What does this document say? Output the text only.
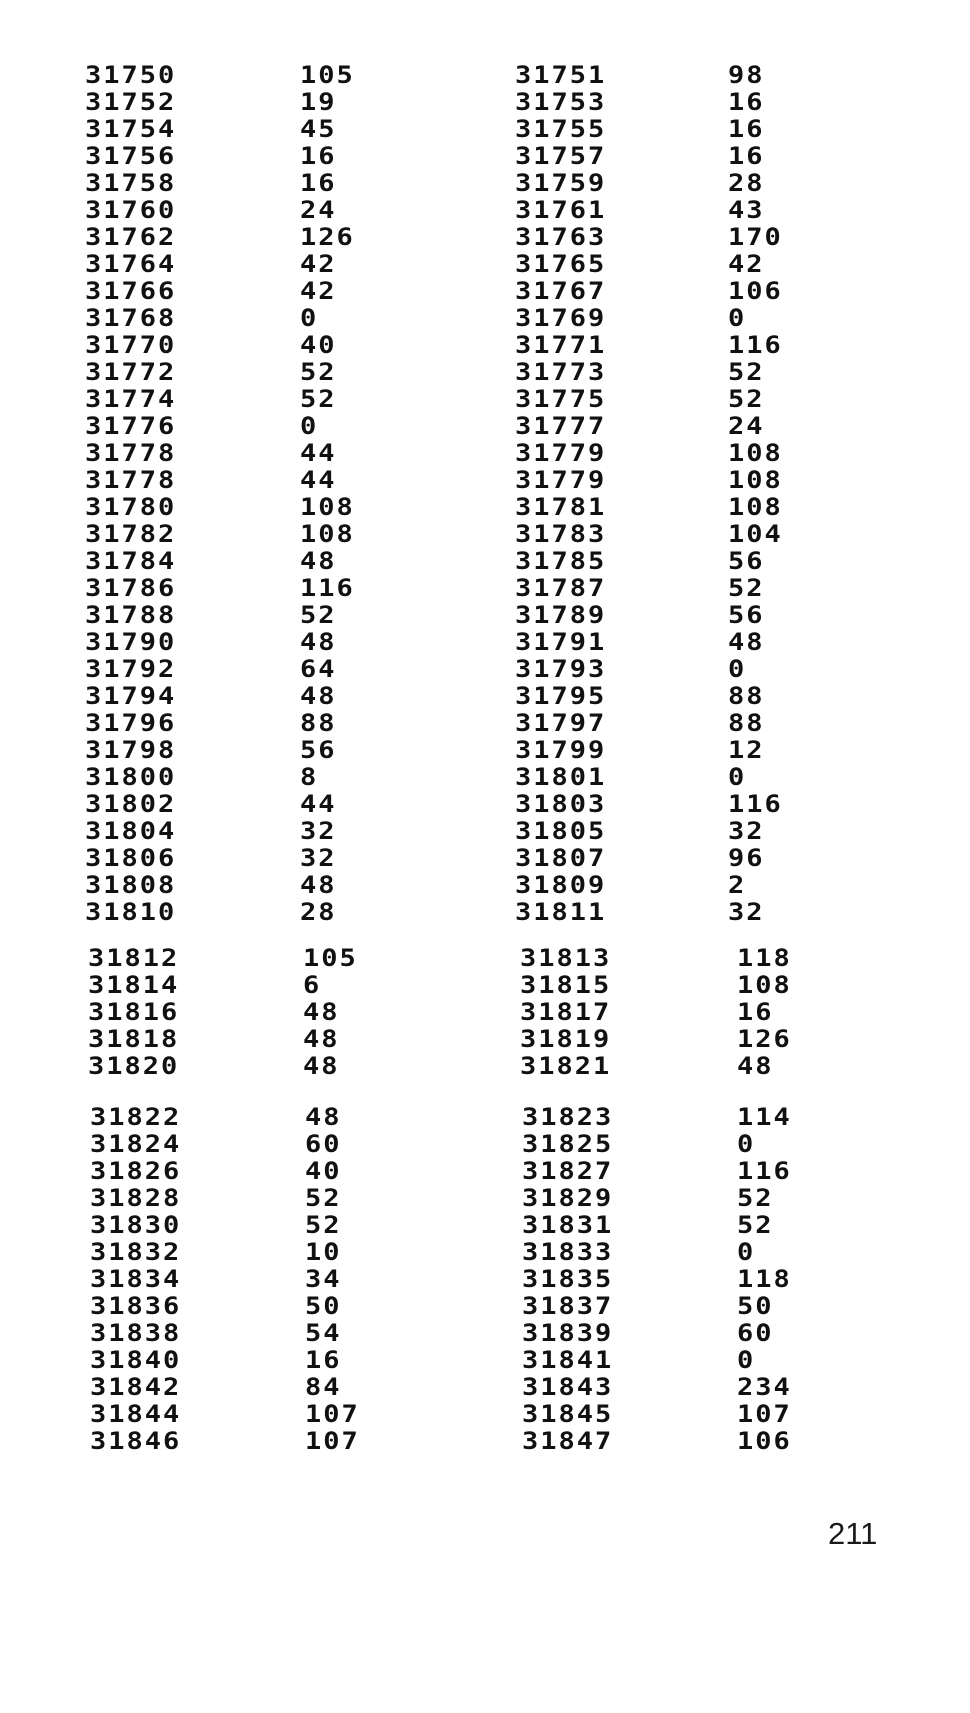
31750	105	31751	98
31752	19	31753	16
31754	45	31755	16
31756	16	31757	16
31758	16	31759	28
31760	24	31761	43
31762	126	31763	170
31764	42	31765	42
31766	42	31767	106
31768	0	31769	0
31770	40	31771	116
31772	52	31773	52
31774	52	31775	52
31776	0	31777	24
31778	44	31779	108
31778	44	31779	108
31780	108	31781	108
31782	108	31783	104
31784	48	31785	56
31786	116	31787	52
31788	52	31789	56
31790	48	31791	48
31792	64	31793	0
31794	48	31795	88
31796	88	31797	88
31798	56	31799	12
31800	8	31801	0
31802	44	31803	116
31804	32	31805	32
31806	32	31807	96
31808	48	31809	2
31810	28	31811	32
31812	105	31813	118
31814	6	31815	108
31816	48	31817	16
31818	48	31819	126
31820	48	31821	48
31822	48	31823	114
31824	60	31825	0
31826	40	31827	116
31828	52	31829	52
31830	52	31831	52
31832	10	31833	0
31834	34	31835	118
31836	50	31837	50
31838	54	31839	60
31840	16	31841	0
31842	84	31843	234
31844	107	31845	107
31846	107	31847	106
211
